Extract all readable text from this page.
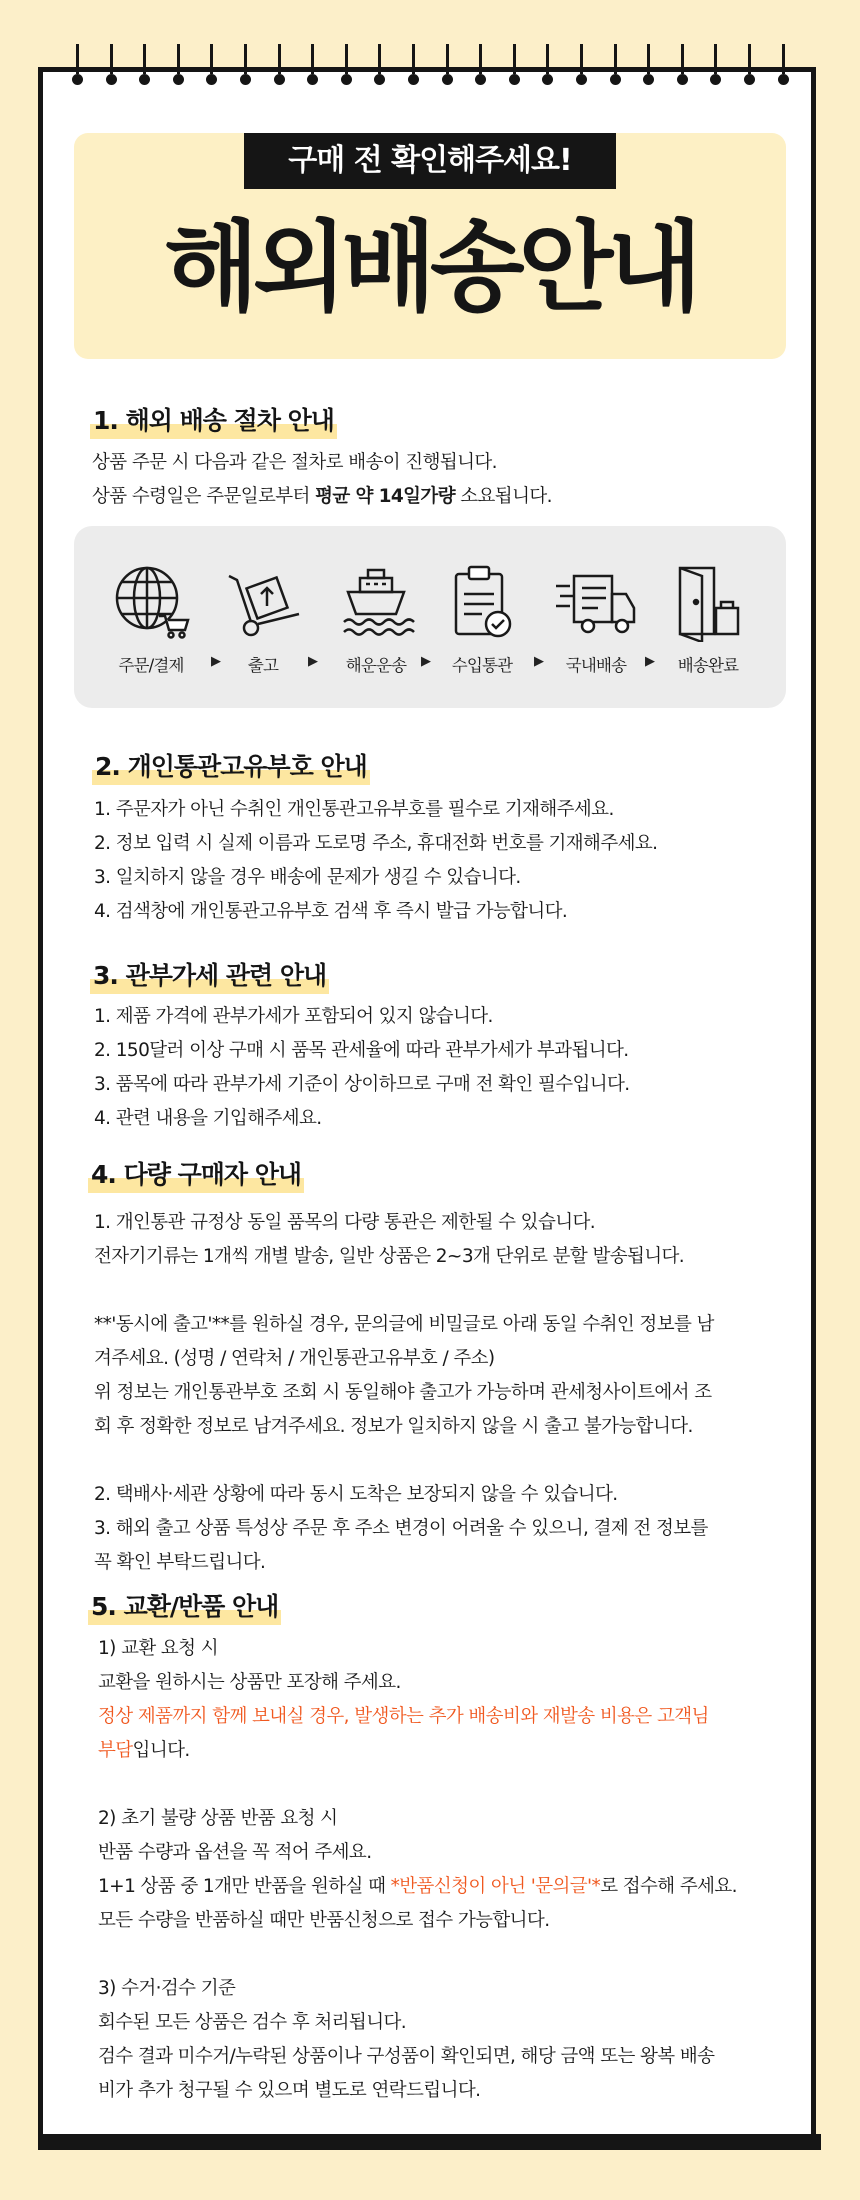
구매 전 확인해주세요!
해외배송안내
1. 해외 배송 절차 안내

상품 주문 시 다음과 같은 절차로 배송이 진행됩니다.

상품 수령일은 주문일로부터 평균 약 14일가량 소요됩니다.

주문/결제	▶	출고	▶	해운운송	▶	수입통관	▶	국내배송	▶	배송완료
2. 개인통관고유부호 안내

1. 주문자가 아닌 수취인 개인통관고유부호를 필수로 기재해주세요.

2. 정보 입력 시 실제 이름과 도로명 주소, 휴대전화 번호를 기재해주세요.

3. 일치하지 않을 경우 배송에 문제가 생길 수 있습니다.

4. 검색창에 개인통관고유부호 검색 후 즉시 발급 가능합니다.

3. 관부가세 관련 안내

1. 제품 가격에 관부가세가 포함되어 있지 않습니다.

2. 150달러 이상 구매 시 품목 관세율에 따라 관부가세가 부과됩니다.

3. 품목에 따라 관부가세 기준이 상이하므로 구매 전 확인 필수입니다.

4. 관련 내용을 기입해주세요.

4. 다량 구매자 안내

1. 개인통관 규정상 동일 품목의 다량 통관은 제한될 수 있습니다.

전자기기류는 1개씩 개별 발송, 일반 상품은 2~3개 단위로 분할 발송됩니다.

**'동시에 출고'**를 원하실 경우, 문의글에 비밀글로 아래 동일 수취인 정보를 남

겨주세요. (성명 / 연락처 / 개인통관고유부호 / 주소)

위 정보는 개인통관부호 조회 시 동일해야 출고가 가능하며 관세청사이트에서 조

회 후 정확한 정보로 남겨주세요. 정보가 일치하지 않을 시 출고 불가능합니다.

2. 택배사·세관 상황에 따라 동시 도착은 보장되지 않을 수 있습니다.

3. 해외 출고 상품 특성상 주문 후 주소 변경이 어려울 수 있으니, 결제 전 정보를

꼭 확인 부탁드립니다.

5. 교환/반품 안내

1) 교환 요청 시

교환을 원하시는 상품만 포장해 주세요.

정상 제품까지 함께 보내실 경우, 발생하는 추가 배송비와 재발송 비용은 고객님

부담입니다.

2) 초기 불량 상품 반품 요청 시

반품 수량과 옵션을 꼭 적어 주세요.

1+1 상품 중 1개만 반품을 원하실 때 *반품신청이 아닌 '문의글'*로 접수해 주세요.

모든 수량을 반품하실 때만 반품신청으로 접수 가능합니다.

3) 수거·검수 기준

회수된 모든 상품은 검수 후 처리됩니다.

검수 결과 미수거/누락된 상품이나 구성품이 확인되면, 해당 금액 또는 왕복 배송

비가 추가 청구될 수 있으며 별도로 연락드립니다.
